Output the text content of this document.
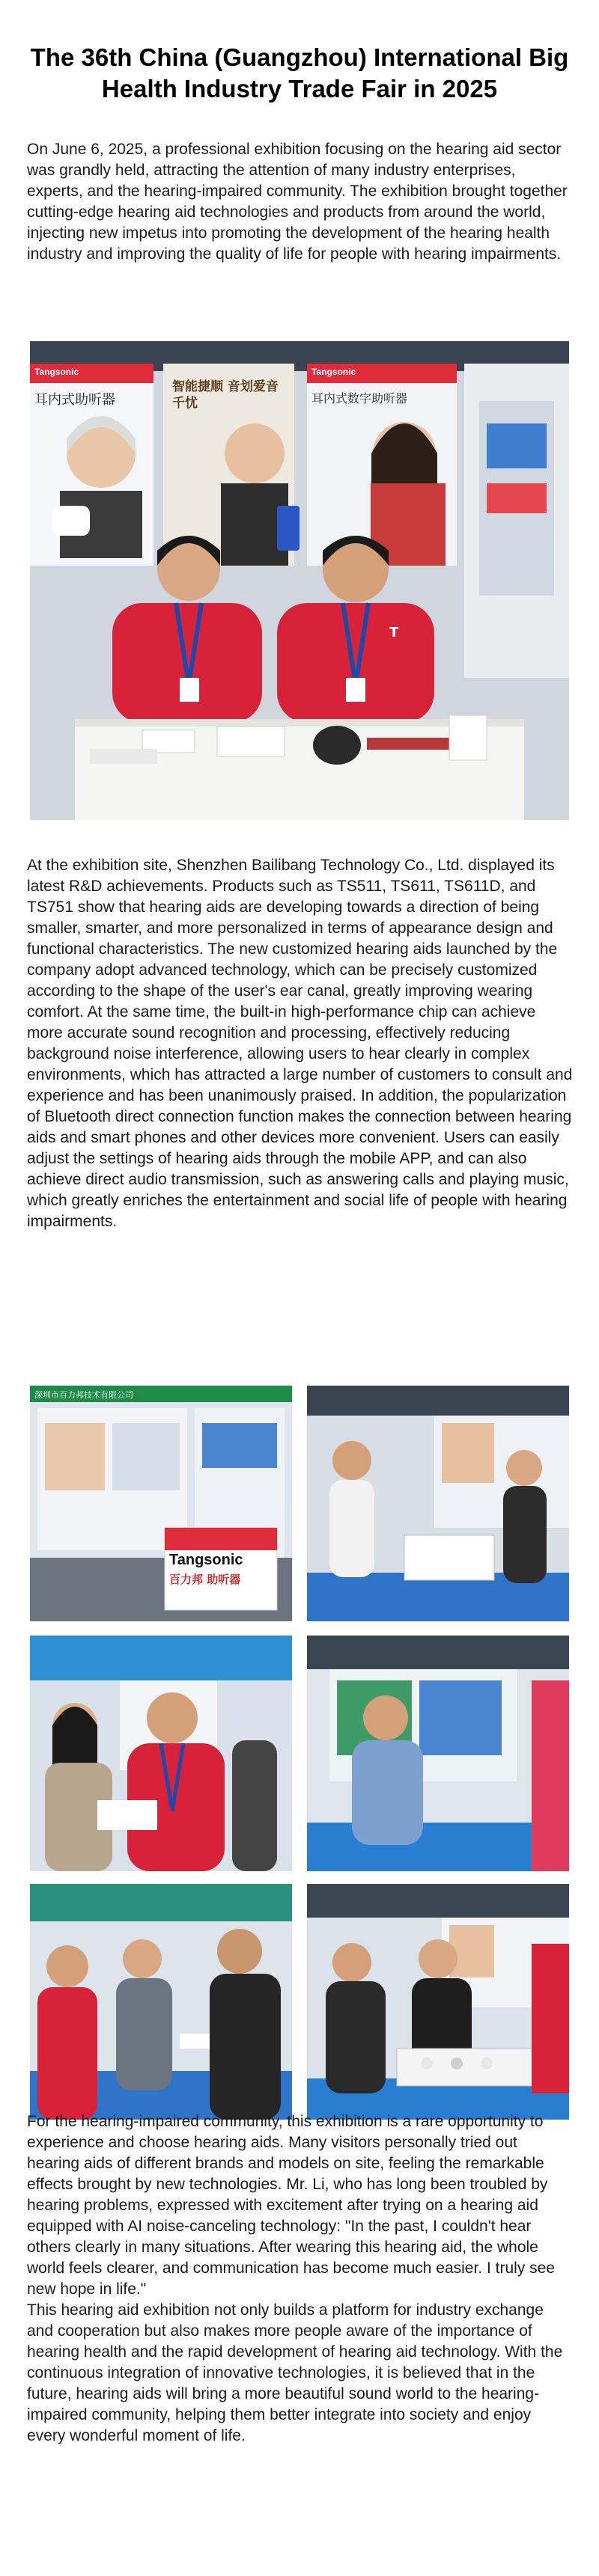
The 36th China (Guangzhou) International Big Health Industry Trade Fair in 2025

On June 6, 2025, a professional exhibition focusing on the hearing aid sector was grandly held, attracting the attention of many industry enterprises, experts, and the hearing-impaired community. The exhibition brought together cutting-edge hearing aid technologies and products from around the world, injecting new impetus into promoting the development of the hearing health industry and improving the quality of life for people with hearing impairments.

T
Tangsonic
耳内式助听器
智能捷顺 音划爱音千忧
Tangsonic
耳内式数字助听器

At the exhibition site, Shenzhen Bailibang Technology Co., Ltd. displayed its latest R&D achievements. Products such as TS511, TS611, TS611D, and TS751 show that hearing aids are developing towards a direction of being smaller, smarter, and more personalized in terms of appearance design and functional characteristics. The new customized hearing aids launched by the company adopt advanced technology, which can be precisely customized according to the shape of the user's ear canal, greatly improving wearing comfort. At the same time, the built-in high-performance chip can achieve more accurate sound recognition and processing, effectively reducing background noise interference, allowing users to hear clearly in complex environments, which has attracted a large number of customers to consult and experience and has been unanimously praised. In addition, the popularization of Bluetooth direct connection function makes the connection between hearing aids and smart phones and other devices more convenient. Users can easily adjust the settings of hearing aids through the mobile APP, and can also achieve direct audio transmission, such as answering calls and playing music, which greatly enriches the entertainment and social life of people with hearing impairments.

深圳市百力邦技术有限公司
Tangsonic
百力邦 助听器

For the hearing-impaired community, this exhibition is a rare opportunity to experience and choose hearing aids. Many visitors personally tried out hearing aids of different brands and models on site, feeling the remarkable effects brought by new technologies. Mr. Li, who has long been troubled by hearing problems, expressed with excitement after trying on a hearing aid equipped with AI noise-canceling technology: "In the past, I couldn't hear others clearly in many situations. After wearing this hearing aid, the whole world feels clearer, and communication has become much easier. I truly see new hope in life."

This hearing aid exhibition not only builds a platform for industry exchange and cooperation but also makes more people aware of the importance of hearing health and the rapid development of hearing aid technology. With the continuous integration of innovative technologies, it is believed that in the future, hearing aids will bring a more beautiful sound world to the hearing-impaired community, helping them better integrate into society and enjoy every wonderful moment of life.
